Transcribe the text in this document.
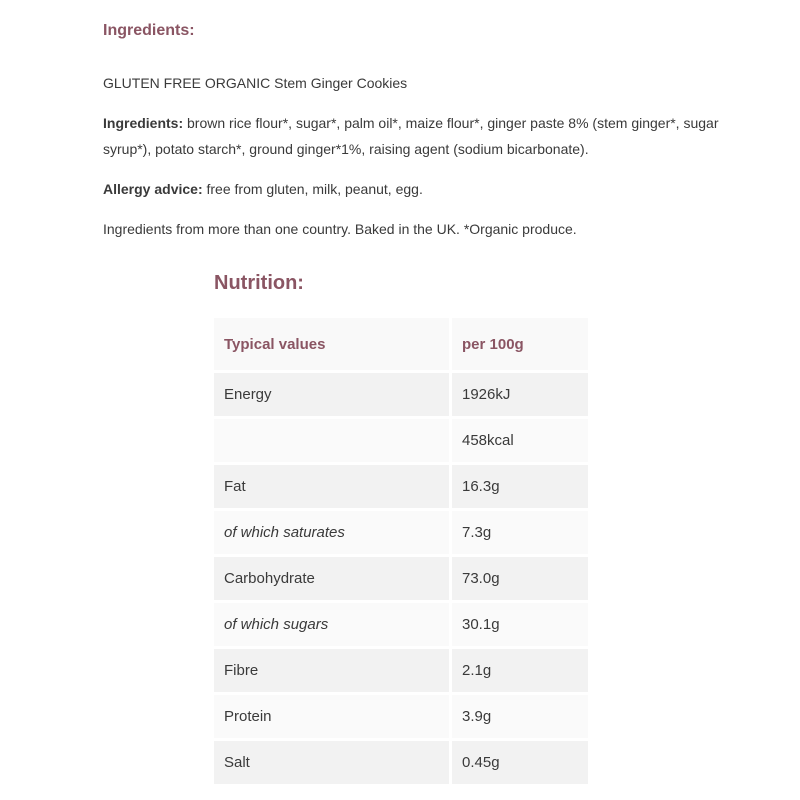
Ingredients:

GLUTEN FREE ORGANIC Stem Ginger Cookies

Ingredients: brown rice flour*, sugar*, palm oil*, maize flour*, ginger paste 8% (stem ginger*, sugar syrup*), potato starch*, ground ginger*1%, raising agent (sodium bicarbonate).

Allergy advice: free from gluten, milk, peanut, egg.

Ingredients from more than one country. Baked in the UK. *Organic produce.

Nutrition:
Typical values	per 100g
Energy	1926kJ
	458kcal
Fat	16.3g
of which saturates	7.3g
Carbohydrate	73.0g
of which sugars	30.1g
Fibre	2.1g
Protein	3.9g
Salt	0.45g
